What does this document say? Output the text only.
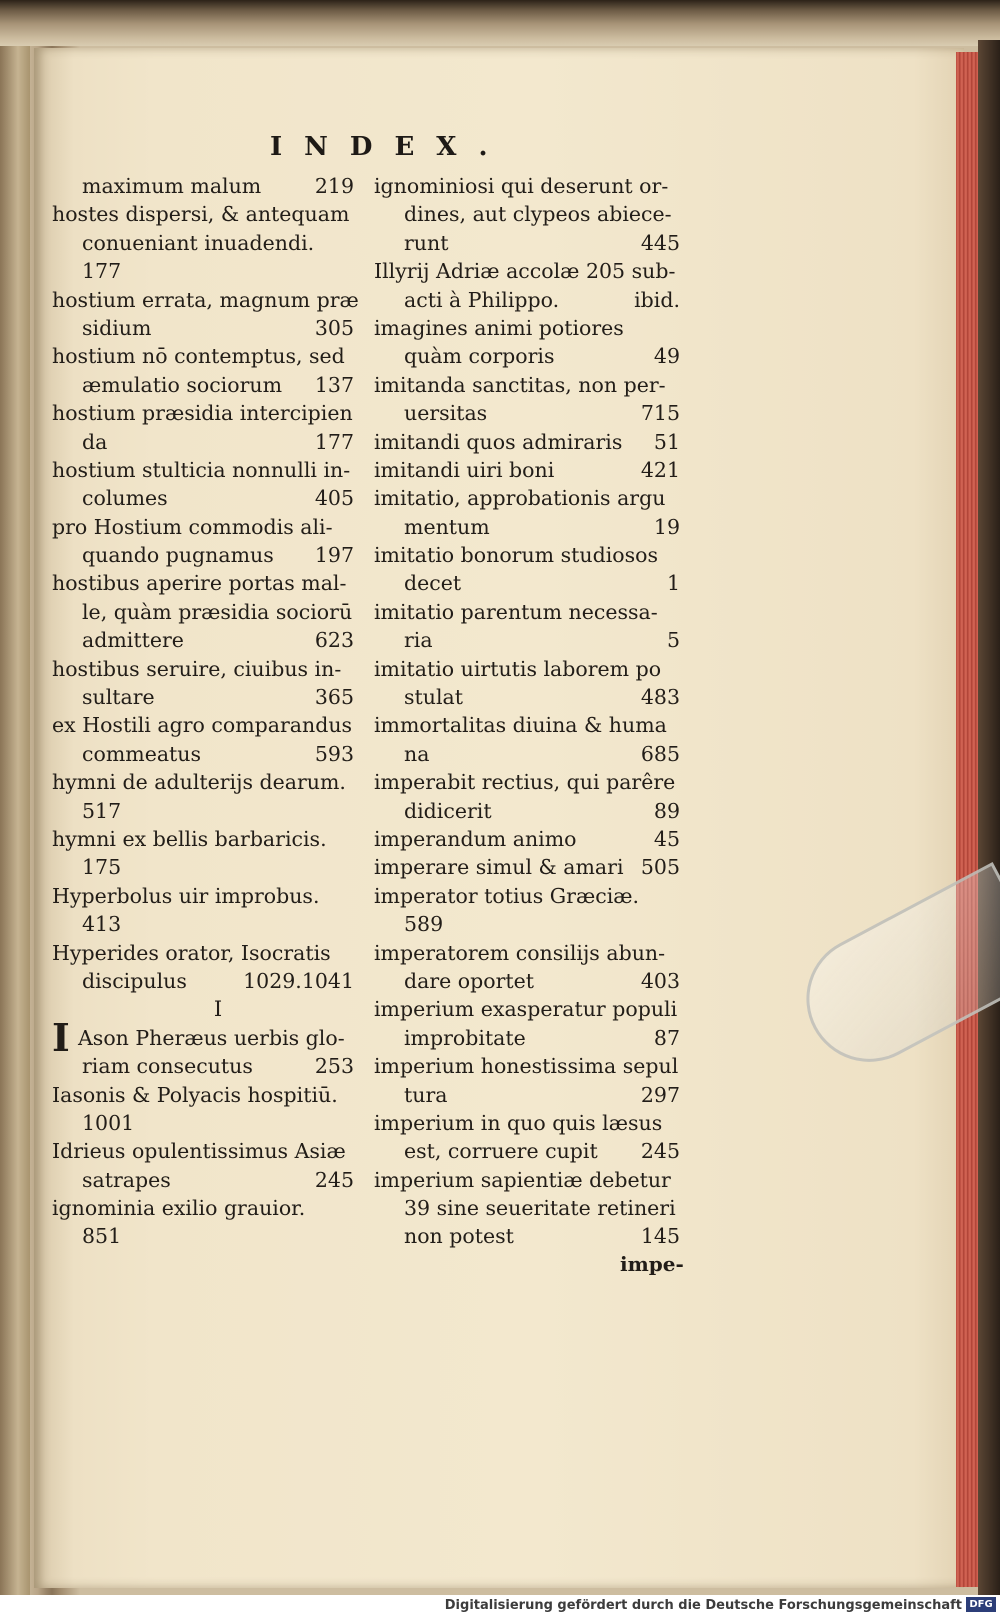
INDEX.
maximum malum	219
hostes dispersi, & antequam
conueniant inuadendi.
177
hostium errata, magnum præ
sidium	305
hostium nō contemptus, sed
æmulatio sociorum 137
hostium præsidia intercipien
da	177
hostium stulticia nonnulli in-
columes	405
pro Hostium commodis ali-
quando pugnamus 197
hostibus aperire portas mal-
le, quàm præsidia sociorū
admittere	623
hostibus seruire, ciuibus in-
sultare	365
ex Hostili agro comparandus
commeatus	593
hymni de adulterijs dearum.
517
hymni ex bellis barbaricis.
175
Hyperbolus uir improbus.
413
Hyperides orator, Isocratis
discipulus	1029.1041
I
I Ason Pheræus uerbis glo-
riam consecutus	253
Iasonis & Polyacis hospitiū.
1001
Idrieus opulentissimus Asiæ
satrapes	245
ignominia exilio grauior.
851
ignominiosi qui deserunt or-
dines, aut clypeos abiece-
runt	445
Illyrij Adriæ accolæ 205 sub-
acti à Philippo.	ibid.
imagines animi potiores
quàm corporis	49
imitanda sanctitas, non per-
uersitas	715
imitandi quos admiraris 51
imitandi uiri boni	421
imitatio, approbationis argu
mentum	19
imitatio bonorum studiosos
decet	1
imitatio parentum necessa-
ria	5
imitatio uirtutis laborem po
stulat	483
immortalitas diuina & huma
na	685
imperabit rectius, qui parêre
didicerit	89
imperandum animo	45
imperare simul & amari 505
imperator totius Græciæ.
589
imperatorem consilijs abun-
dare oportet	403
imperium exasperatur populi
improbitate	87
imperium honestissima sepul
tura	297
imperium in quo quis læsus
est, corruere cupit 245
imperium sapientiæ debetur
39 sine seueritate retineri
non potest	145
impe-
Digitalisierung gefördert durch die Deutsche Forschungsgemeinschaft DFG
